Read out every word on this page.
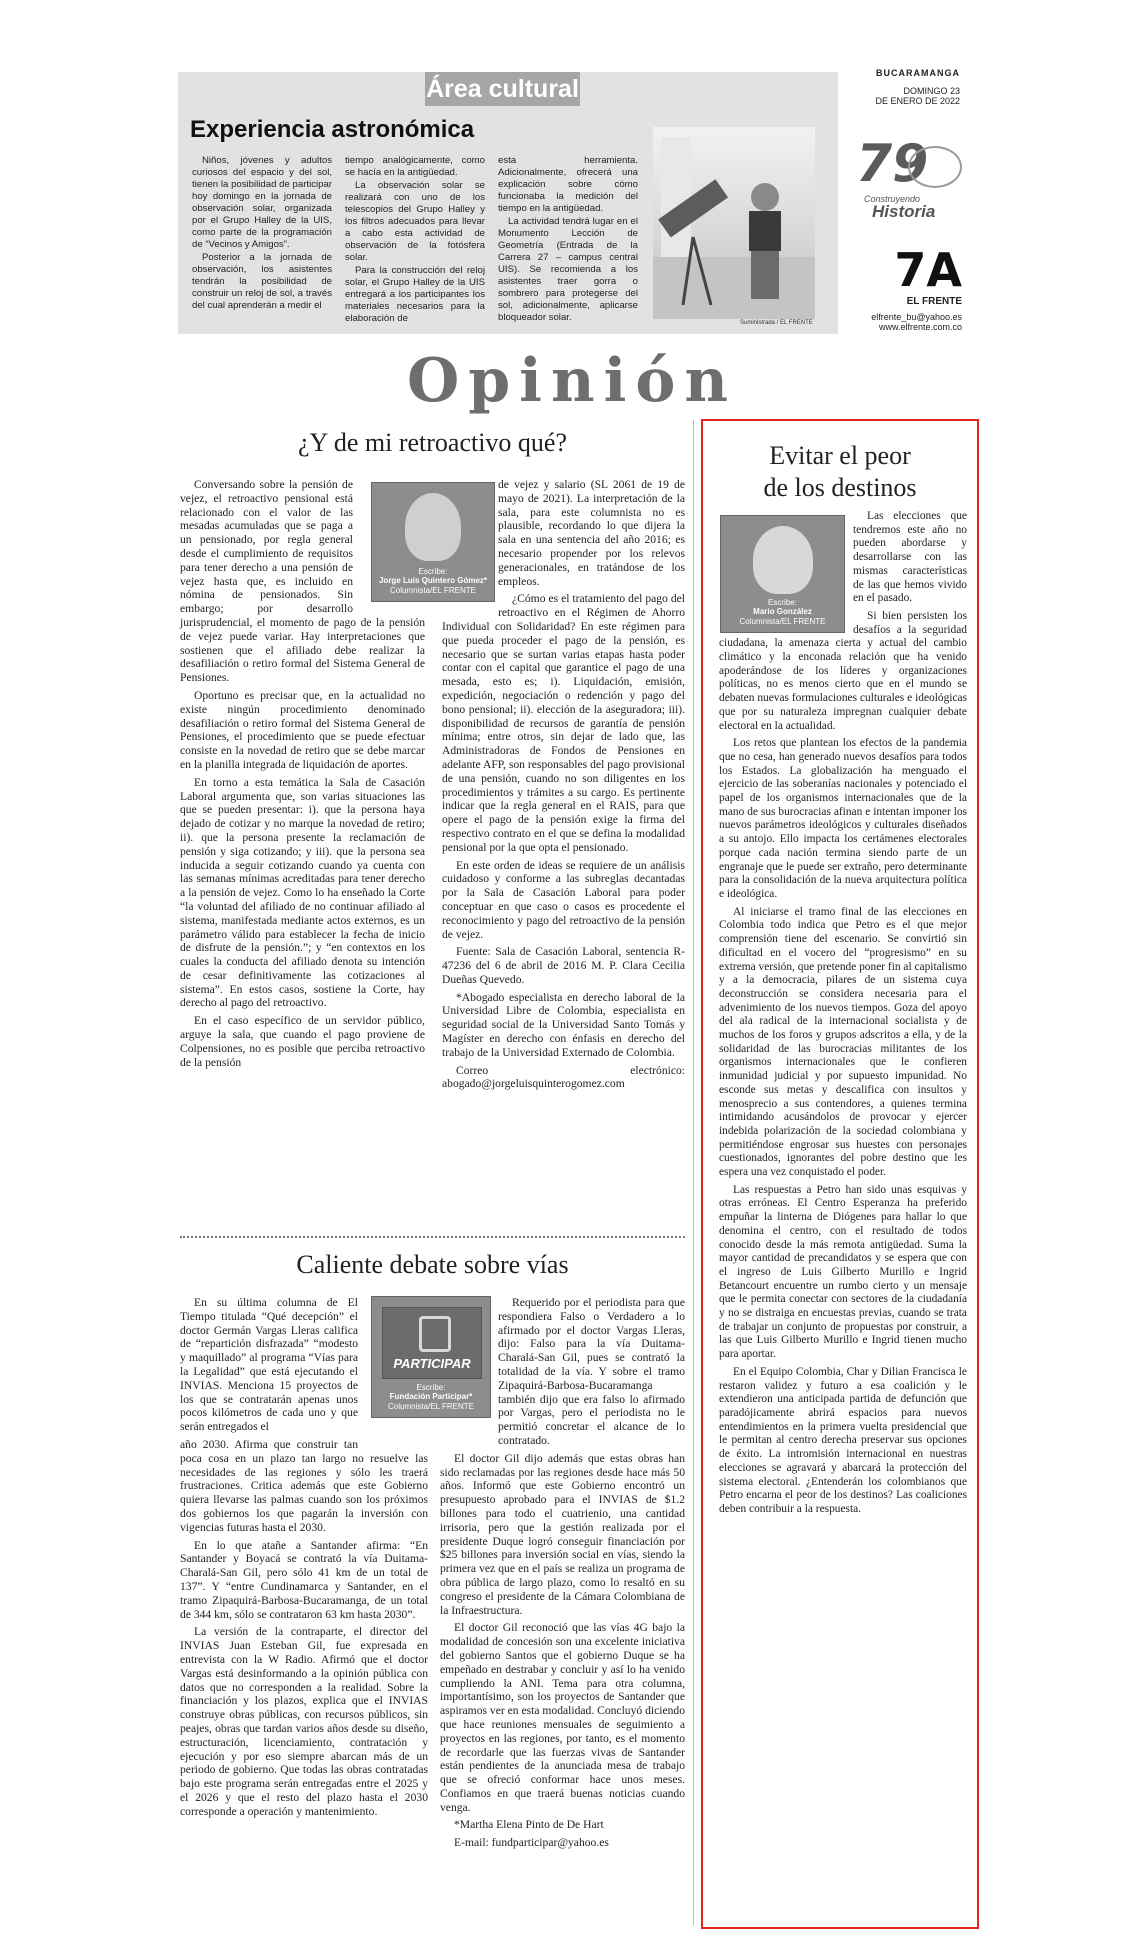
BUCARAMANGA
DOMINGO 23
DE ENERO DE 2022
79
Construyendo
Historia
7A
EL FRENTE
elfrente_bu@yahoo.es
www.elfrente.com.co
Área cultural
Experiencia astronómica

Niños, jóvenes y adultos curiosos del espacio y del sol, tienen la posibilidad de participar hoy domingo en la jornada de observación solar, organizada por el Grupo Halley de la UIS, como parte de la programación de “Vecinos y Amigos”.

Posterior a la jornada de observación, los asistentes tendrán la posibilidad de construir un reloj de sol, a través del cual aprenderán a medir el

tiempo analógicamente, como se hacía en la antigüedad.

La observación solar se realizará con uno de los telescopios del Grupo Halley y los filtros adecuados para llevar a cabo esta actividad de observación de la fotósfera solar.

Para la construcción del reloj solar, el Grupo Halley de la UIS entregará a los participantes los materiales necesarios para la elaboración de

esta herramienta. Adicionalmente, ofrecerá una explicación sobre cómo funcionaba la medición del tiempo en la antigüedad.

La actividad tendrá lugar en el Monumento Lección de Geometría (Entrada de la Carrera 27 – campus central UIS). Se recomienda a los asistentes traer gorra o sombrero para protegerse del sol, adicionalmente, aplicarse bloqueador solar.	Suministrada / EL FRENTE
Opinión
¿Y de mi retroactivo qué?
Escribe:
Jorge Luis Quintero Gómez*
Columnista/EL FRENTE

Conversando sobre la pensión de vejez, el retroactivo pensional está relacionado con el valor de las mesadas acumuladas que se paga a un pensionado, por regla general desde el cumplimiento de requisitos para tener derecho a una pensión de vejez hasta que, es incluido en nómina de pensionados. Sin embargo; por desarrollo jurisprudencial, el momento de pago de la pensión de vejez puede variar. Hay interpretaciones que sostienen que el afiliado debe realizar la desafiliación o retiro formal del Sistema General de Pensiones.

Oportuno es precisar que, en la actualidad no existe ningún procedimiento denominado desafiliación o retiro formal del Sistema General de Pensiones, el procedimiento que se puede efectuar consiste en la novedad de retiro que se debe marcar en la planilla integrada de liquidación de aportes.

En torno a esta temática la Sala de Casación Laboral argumenta que, son varias situaciones las que se pueden presentar: i). que la persona haya dejado de cotizar y no marque la novedad de retiro; ii). que la persona presente la reclamación de pensión y siga cotizando; y iii). que la persona sea inducida a seguir cotizando cuando ya cuenta con las semanas mínimas acreditadas para tener derecho a la pensión de vejez. Como lo ha enseñado la Corte “la voluntad del afiliado de no continuar afiliado al sistema, manifestada mediante actos externos, es un parámetro válido para establecer la fecha de inicio de disfrute de la pensión.”; y “en contextos en los cuales la conducta del afiliado denota su intención de cesar definitivamente las cotizaciones al sistema”. En estos casos, sostiene la Corte, hay derecho al pago del retroactivo.

En el caso específico de un servidor público, arguye la sala, que cuando el pago proviene de Colpensiones, no es posible que perciba retroactivo de la pensión

de vejez y salario (SL 2061 de 19 de mayo de 2021). La interpretación de la sala, para este columnista no es plausible, recordando lo que dijera la sala en una sentencia del año 2016; es necesario propender por los relevos generacionales, en tratándose de los empleos.

¿Cómo es el tratamiento del pago del retroactivo en el Régimen de Ahorro Individual con Solidaridad? En este régimen para que pueda proceder el pago de la pensión, es necesario que se surtan varias etapas hasta poder contar con el capital que garantice el pago de una mesada, esto es; i). Liquidación, emisión, expedición, negociación o redención y pago del bono pensional; ii). elección de la aseguradora; iii). disponibilidad de recursos de garantía de pensión mínima; entre otros, sin dejar de lado que, las Administradoras de Fondos de Pensiones en adelante AFP, son responsables del pago provisional de una pensión, cuando no son diligentes en los procedimientos y trámites a su cargo. Es pertinente indicar que la regla general en el RAIS, para que opere el pago de la pensión exige la firma del respectivo contrato en el que se defina la modalidad pensional por la que opta el pensionado.

En este orden de ideas se requiere de un análisis cuidadoso y conforme a las subreglas decantadas por la Sala de Casación Laboral para poder conceptuar en que caso o casos es procedente el reconocimiento y pago del retroactivo de la pensión de vejez.

Fuente: Sala de Casación Laboral, sentencia R-47236 del 6 de abril de 2016 M. P. Clara Cecilia Dueñas Quevedo.

*Abogado especialista en derecho laboral de la Universidad Libre de Colombia, especialista en seguridad social de la Universidad Santo Tomás y Magíster en derecho con énfasis en derecho del trabajo de la Universidad Externado de Colombia.

Correo electrónico: abogado@jorgeluisquinterogomez.com

Caliente debate sobre vías
PARTICIPAR
Escribe:
Fundación Participar*
Columnista/EL FRENTE

En su última columna de El Tiempo titulada “Qué decepción” el doctor Germán Vargas Lleras califica de “repartición disfrazada” “modesto y maquillado” al programa “Vías para la Legalidad” que está ejecutando el INVIAS. Menciona 15 proyectos de los que se contratarán apenas unos pocos kilómetros de cada uno y que serán entregados el

año 2030. Afirma que construir tan poca cosa en un plazo tan largo no resuelve las necesidades de las regiones y sólo les traerá frustraciones. Critica además que este Gobierno quiera llevarse las palmas cuando son los próximos dos gobiernos los que pagarán la inversión con vigencias futuras hasta el 2030.

En lo que atañe a Santander afirma: “En Santander y Boyacá se contrató la vía Duitama-Charalá-San Gil, pero sólo 41 km de un total de 137”. Y “entre Cundinamarca y Santander, en el tramo Zipaquirá-Barbosa-Bucaramanga, de un total de 344 km, sólo se contrataron 63 km hasta 2030”.

La versión de la contraparte, el director del INVIAS Juan Esteban Gil, fue expresada en entrevista con la W Radio. Afirmó que el doctor Vargas está desinformando a la opinión pública con datos que no corresponden a la realidad. Sobre la financiación y los plazos, explica que el INVIAS construye obras públicas, con recursos públicos, sin peajes, obras que tardan varios años desde su diseño, estructuración, licenciamiento, contratación y ejecución y por eso siempre abarcan más de un periodo de gobierno. Que todas las obras contratadas bajo este programa serán entregadas entre el 2025 y el 2026 y que el resto del plazo hasta el 2030 corresponde a operación y mantenimiento.

Requerido por el periodista para que respondiera Falso o Verdadero a lo afirmado por el doctor Vargas Lleras, dijo: Falso para la vía Duitama-Charalá-San Gil, pues se contrató la totalidad de la vía. Y sobre el tramo Zipaquirá-Barbosa-Bucaramanga también dijo que era falso lo afirmado por Vargas, pero el periodista no le permitió concretar el alcance de lo contratado.

El doctor Gil dijo además que estas obras han sido reclamadas por las regiones desde hace más 50 años. Informó que este Gobierno encontró un presupuesto aprobado para el INVIAS de $1.2 billones para todo el cuatrienio, una cantidad irrisoria, pero que la gestión realizada por el presidente Duque logró conseguir financiación por $25 billones para inversión social en vías, siendo la primera vez que en el país se realiza un programa de obra pública de largo plazo, como lo resaltó en su congreso el presidente de la Cámara Colombiana de la Infraestructura.

El doctor Gil reconoció que las vías 4G bajo la modalidad de concesión son una excelente iniciativa del gobierno Santos que el gobierno Duque se ha empeñado en destrabar y concluir y así lo ha venido cumpliendo la ANI. Tema para otra columna, importantísimo, son los proyectos de Santander que aspiramos ver en esta modalidad. Concluyó diciendo que hace reuniones mensuales de seguimiento a proyectos en las regiones, por tanto, es el momento de recordarle que las fuerzas vivas de Santander están pendientes de la anunciada mesa de trabajo que se ofreció conformar hace unos meses. Confiamos en que traerá buenas noticias cuando venga.

*Martha Elena Pinto de De Hart

E-mail: fundparticipar@yahoo.es

Evitar el peor
de los destinos
Escribe:
Mario González
Columnista/EL FRENTE

Las elecciones que tendremos este año no pueden abordarse y desarrollarse con las mismas características de las que hemos vivido en el pasado.

Si bien persisten los desafíos a la seguridad ciudadana, la amenaza cierta y actual del cambio climático y la enconada relación que ha venido apoderándose de los líderes y organizaciones políticas, no es menos cierto que en el mundo se debaten nuevas formulaciones culturales e ideológicas que por su naturaleza impregnan cualquier debate electoral en la actualidad.

Los retos que plantean los efectos de la pandemia que no cesa, han generado nuevos desafíos para todos los Estados. La globalización ha menguado el ejercicio de las soberanías nacionales y potenciado el papel de los organismos internacionales que de la mano de sus burocracias afinan e intentan imponer los nuevos parámetros ideológicos y culturales diseñados a su antojo. Ello impacta los certámenes electorales porque cada nación termina siendo parte de un engranaje que le puede ser extraño, pero determinante para la consolidación de la nueva arquitectura política e ideológica.

Al iniciarse el tramo final de las elecciones en Colombia todo indica que Petro es el que mejor comprensión tiene del escenario. Se convirtió sin dificultad en el vocero del “progresismo” en su extrema versión, que pretende poner fin al capitalismo y a la democracia, pilares de un sistema cuya deconstrucción se considera necesaria para el advenimiento de los nuevos tiempos. Goza del apoyo del ala radical de la internacional socialista y de muchos de los foros y grupos adscritos a ella, y de la solidaridad de las burocracias militantes de los organismos internacionales que le confieren inmunidad judicial y por supuesto impunidad. No esconde sus metas y descalifica con insultos y menosprecio a sus contendores, a quienes termina intimidando acusándolos de provocar y ejercer indebida polarización de la sociedad colombiana y permitiéndose engrosar sus huestes con personajes cuestionados, ignorantes del pobre destino que les espera una vez conquistado el poder.

Las respuestas a Petro han sido unas esquivas y otras erróneas. El Centro Esperanza ha preferido empuñar la linterna de Diógenes para hallar lo que denomina el centro, con el resultado de todos conocido desde la más remota antigüedad. Suma la mayor cantidad de precandidatos y se espera que con el ingreso de Luis Gilberto Murillo e Ingrid Betancourt encuentre un rumbo cierto y un mensaje que le permita conectar con sectores de la ciudadanía y no se distraiga en encuestas previas, cuando se trata de trabajar un conjunto de propuestas por construir, a las que Luis Gilberto Murillo e Ingrid tienen mucho para aportar.

En el Equipo Colombia, Char y Dilian Francisca le restaron validez y futuro a esa coalición y le extendieron una anticipada partida de defunción que paradójicamente abrirá espacios para nuevos entendimientos en la primera vuelta presidencial que le permitan al centro derecha preservar sus opciones de éxito. La intromisión internacional en nuestras elecciones se agravará y abarcará la protección del sistema electoral. ¿Entenderán los colombianos que Petro encarna el peor de los destinos? Las coaliciones deben contribuir a la respuesta.
